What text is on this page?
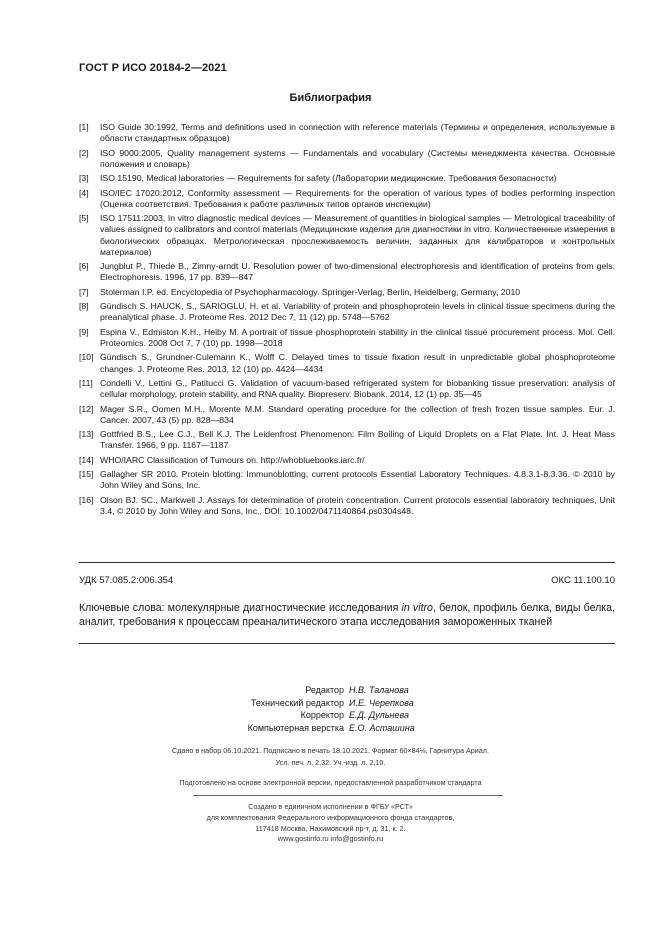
ГОСТ Р ИСО 20184-2—2021
Библиография
[1]	ISO Guide 30:1992, Terms and definitions used in connection with reference materials (Термины и определения, используемые в области стандартных образцов)
[2]	ISO 9000:2005, Quality management systems — Fundamentals and vocabulary (Системы менеджмента качества. Основные положения и словарь)
[3]	ISO 15190, Medical laboratories — Requirements for safety (Лаборатории медицинские. Требования безопасности)
[4]	ISO/IEC 17020:2012, Conformity assessment — Requirements for the operation of various types of bodies performing inspection (Оценка соответствия. Требования к работе различных типов органов инспекции)
[5]	ISO 17511:2003, In vitro diagnostic medical devices — Measurement of quantities in biological samples — Metrological traceability of values assigned to calibrators and control materials (Медицинские изделия для диагностики in vitro. Количественные измерения в биологических образцах. Метрологическая прослеживаемость величин, заданных для калибраторов и контрольных материалов)
[6]	Jungblut P., Thiede B., Zimny-arndt U. Resolution power of two-dimensional electrophoresis and identification of proteins from gels. Electrophoresis. 1996, 17 pp. 839—847
[7]	Stolerman I.P. ed. Encyclopedia of Psychopharmacology. Springer-Verlag, Berlin, Heidelberg, Germany, 2010
[8]	Gündisch S. HAUCK, S., SARIOGLU, H. et al. Variability of protein and phosphoprotein levels in clinical tissue specimens during the preanalytical phase. J. Proteome Res. 2012 Dec 7, 11 (12) pp. 5748—5762
[9]	Espina V., Edmiston K.H., Heiby M. A portrait of tissue phosphoprotein stability in the clinical tissue procurement process. Mol. Cell. Proteomics. 2008 Oct 7, 7 (10) pp. 1998—2018
[10] Gündisch S., Grundner-Culemann K., Wolff C. Delayed times to tissue fixation result in unpredictable global phosphoproteome changes. J. Proteome Res. 2013, 12 (10) pp. 4424—4434
[11] Condelli V., Lettini G., Patitucci G. Validation of vacuum-based refrigerated system for biobanking tissue preservation: analysis of cellular morphology, protein stability, and RNA quality. Biopreserv. Biobank. 2014, 12 (1) pp. 35—45
[12] Mager S.R., Oomen M.H., Morente M.M. Standard operating procedure for the collection of fresh frozen tissue samples. Eur. J. Cancer. 2007, 43 (5) pp. 828—834
[13] Gottfried B.S., Lee C.J., Bell K.J. The Leidenfrost Phenomenon: Film Boiling of Liquid Droplets on a Flat Plate. Int. J. Heat Mass Transfer. 1966, 9 pp. 1167—1187
[14] WHO/IARC Classification of Tumours on. http://whobluebooks.iarc.fr/
[15] Gallagher SR 2010, Protein blotting: Immunoblotting, current protocols Essential Laboratory Techniques. 4.8.3.1-8.3.36. © 2010 by John Wiley and Sons, Inc.
[16] Olson BJ. SC., Markwell J. Assays for determination of protein concentration. Current protocols essential laboratory techniques, Unit 3.4, © 2010 by John Wiley and Sons, Inc., DOI: 10.1002/0471140864.ps0304s48.
УДК 57.085.2:006.354	ОКС 11.100.10
Ключевые слова: молекулярные диагностические исследования in vitro, белок, профиль белка, виды белка, аналит, требования к процессам преаналитического этапа исследования замороженных тканей
Редактор Н.В. Таланова
Технический редактор И.Е. Черепкова
Корректор Е.Д. Дульнева
Компьютерная верстка Е.О. Асташина
Сдано в набор 06.10.2021. Подписано в печать 18.10.2021. Формат 60×84⅛. Гарнитура Ариал.
Усл. печ. л. 2,32. Уч.-изд. л. 2,10.
Подготовлено на основе электронной версии, предоставленной разработчиком стандарта
Создано в единичном исполнении в ФГБУ «РСТ»
для комплектования Федерального информационного фонда стандартов,
117418 Москва, Нахимовский пр-т, д. 31, к. 2.
www.gostinfo.ru info@gostinfo.ru
